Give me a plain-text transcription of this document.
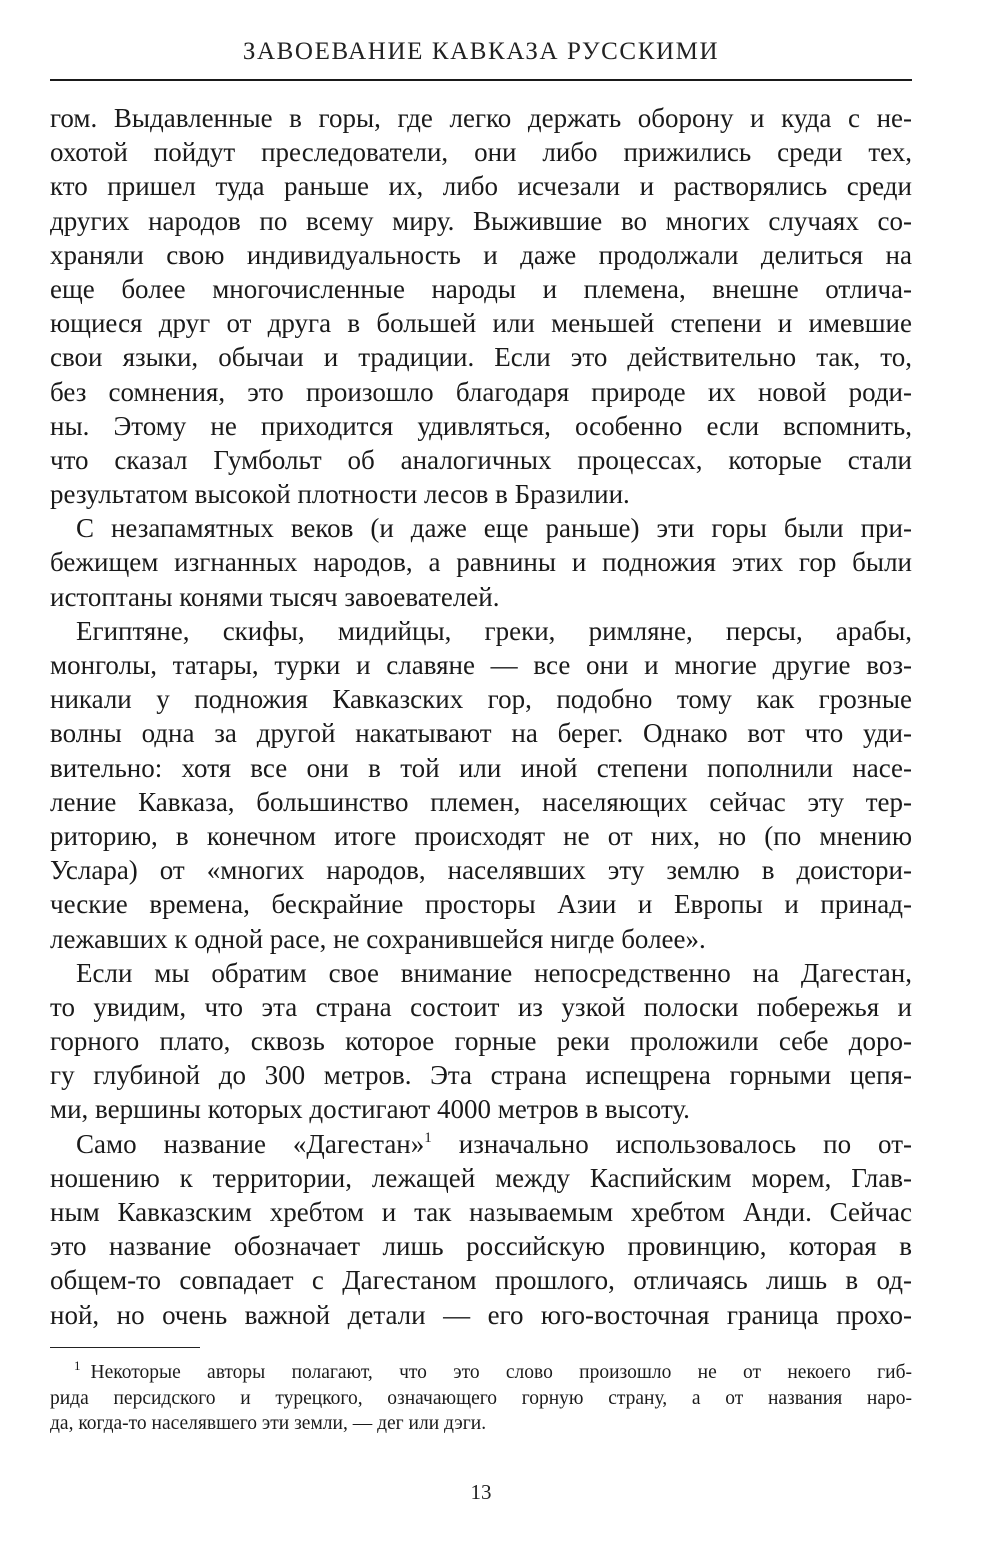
ЗАВОЕВАНИЕ КАВКАЗА РУССКИМИ
гом. Выдавленные в горы, где легко держать оборону и куда с не-
охотой пойдут преследователи, они либо прижились среди тех,
кто пришел туда раньше их, либо исчезали и растворялись среди
других народов по всему миру. Выжившие во многих случаях со-
храняли свою индивидуальность и даже продолжали делиться на
еще более многочисленные народы и племена, внешне отлича-
ющиеся друг от друга в большей или меньшей степени и имевшие
свои языки, обычаи и традиции. Если это действительно так, то,
без сомнения, это произошло благодаря природе их новой роди-
ны. Этому не приходится удивляться, особенно если вспомнить,
что сказал Гумбольт об аналогичных процессах, которые стали
результатом высокой плотности лесов в Бразилии.
С незапамятных веков (и даже еще раньше) эти горы были при-
бежищем изгнанных народов, а равнины и подножия этих гор были
истоптаны конями тысяч завоевателей.
Египтяне, скифы, мидийцы, греки, римляне, персы, арабы,
монголы, татары, турки и славяне — все они и многие другие воз-
никали у подножия Кавказских гор, подобно тому как грозные
волны одна за другой накатывают на берег. Однако вот что уди-
вительно: хотя все они в той или иной степени пополнили насе-
ление Кавказа, большинство племен, населяющих сейчас эту тер-
риторию, в конечном итоге происходят не от них, но (по мнению
Услара) от «многих народов, населявших эту землю в доистори-
ческие времена, бескрайние просторы Азии и Европы и принад-
лежавших к одной расе, не сохранившейся нигде более».
Если мы обратим свое внимание непосредственно на Дагестан,
то увидим, что эта страна состоит из узкой полоски побережья и
горного плато, сквозь которое горные реки проложили себе доро-
гу глубиной до 300 метров. Эта страна испещрена горными цепя-
ми, вершины которых достигают 4000 метров в высоту.
Само название «Дагестан»$^1$ изначально использовалось по от-
ношению к территории, лежащей между Каспийским морем, Глав-
ным Кавказским хребтом и так называемым хребтом Анди. Сейчас
это название обозначает лишь российскую провинцию, которая в
общем-то совпадает с Дагестаном прошлого, отличаясь лишь в од-
ной, но очень важной детали — его юго-восточная граница прохо-
$^1$ Некоторые авторы полагают, что это слово произошло не от некоего гиб-
рида персидского и турецкого, означающего горную страну, а от названия наро-
да, когда-то населявшего эти земли, — дег или дэги.
13
